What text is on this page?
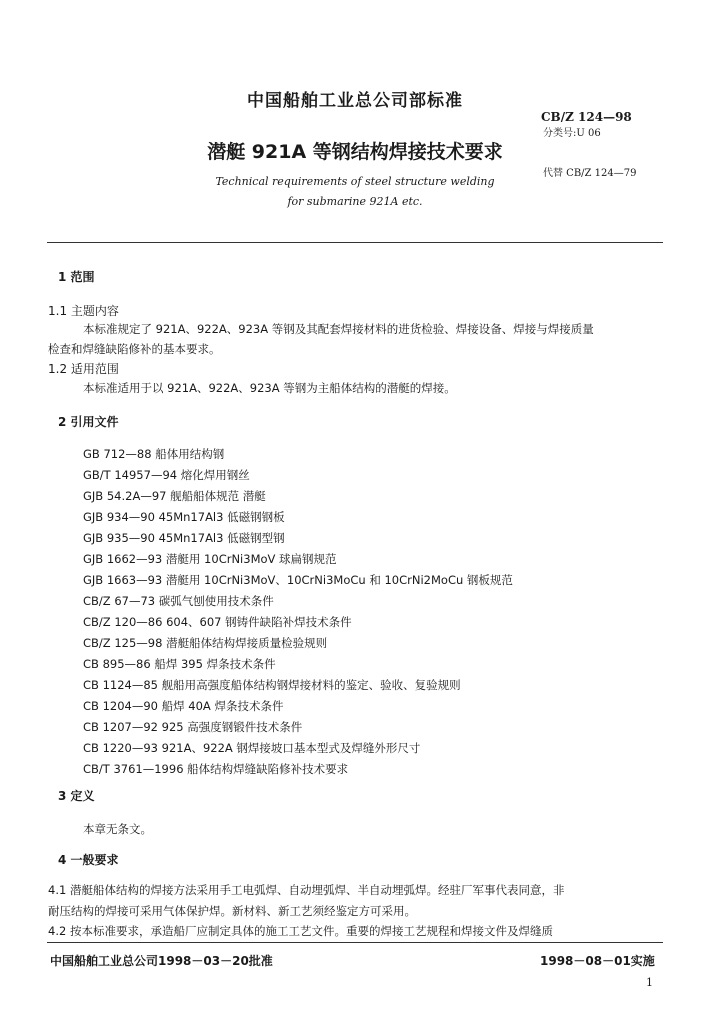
中国船舶工业总公司部标准
CB/Z 124—98
分类号:U 06
潜艇 921A 等钢结构焊接技术要求
代替 CB/Z 124—79
Technical requirements of steel structure welding
for submarine 921A etc.
1 范围
1.1 主题内容
本标准规定了 921A、922A、923A 等钢及其配套焊接材料的进货检验、焊接设备、焊接与焊接质量
检查和焊缝缺陷修补的基本要求。
1.2 适用范围
本标准适用于以 921A、922A、923A 等钢为主船体结构的潜艇的焊接。
2 引用文件
GB 712—88 船体用结构钢
GB/T 14957—94 熔化焊用钢丝
GJB 54.2A—97 舰船船体规范 潜艇
GJB 934—90 45Mn17Al3 低磁钢钢板
GJB 935—90 45Mn17Al3 低磁钢型钢
GJB 1662—93 潜艇用 10CrNi3MoV 球扁钢规范
GJB 1663—93 潜艇用 10CrNi3MoV、10CrNi3MoCu 和 10CrNi2MoCu 钢板规范
CB/Z 67—73 碳弧气刨使用技术条件
CB/Z 120—86 604、607 钢铸件缺陷补焊技术条件
CB/Z 125—98 潜艇船体结构焊接质量检验规则
CB 895—86 船焊 395 焊条技术条件
CB 1124—85 舰船用高强度船体结构钢焊接材料的鉴定、验收、复验规则
CB 1204—90 船焊 40A 焊条技术条件
CB 1207—92 925 高强度钢锻件技术条件
CB 1220—93 921A、922A 钢焊接坡口基本型式及焊缝外形尺寸
CB/T 3761—1996 船体结构焊缝缺陷修补技术要求
3 定义
本章无条文。
4 一般要求
4.1 潜艇船体结构的焊接方法采用手工电弧焊、自动埋弧焊、半自动埋弧焊。经驻厂军事代表同意，非
耐压结构的焊接可采用气体保护焊。新材料、新工艺须经鉴定方可采用。
4.2 按本标准要求，承造船厂应制定具体的施工工艺文件。重要的焊接工艺规程和焊接文件及焊缝质
中国船舶工业总公司1998－03－20批准	1998－08－01实施
1
